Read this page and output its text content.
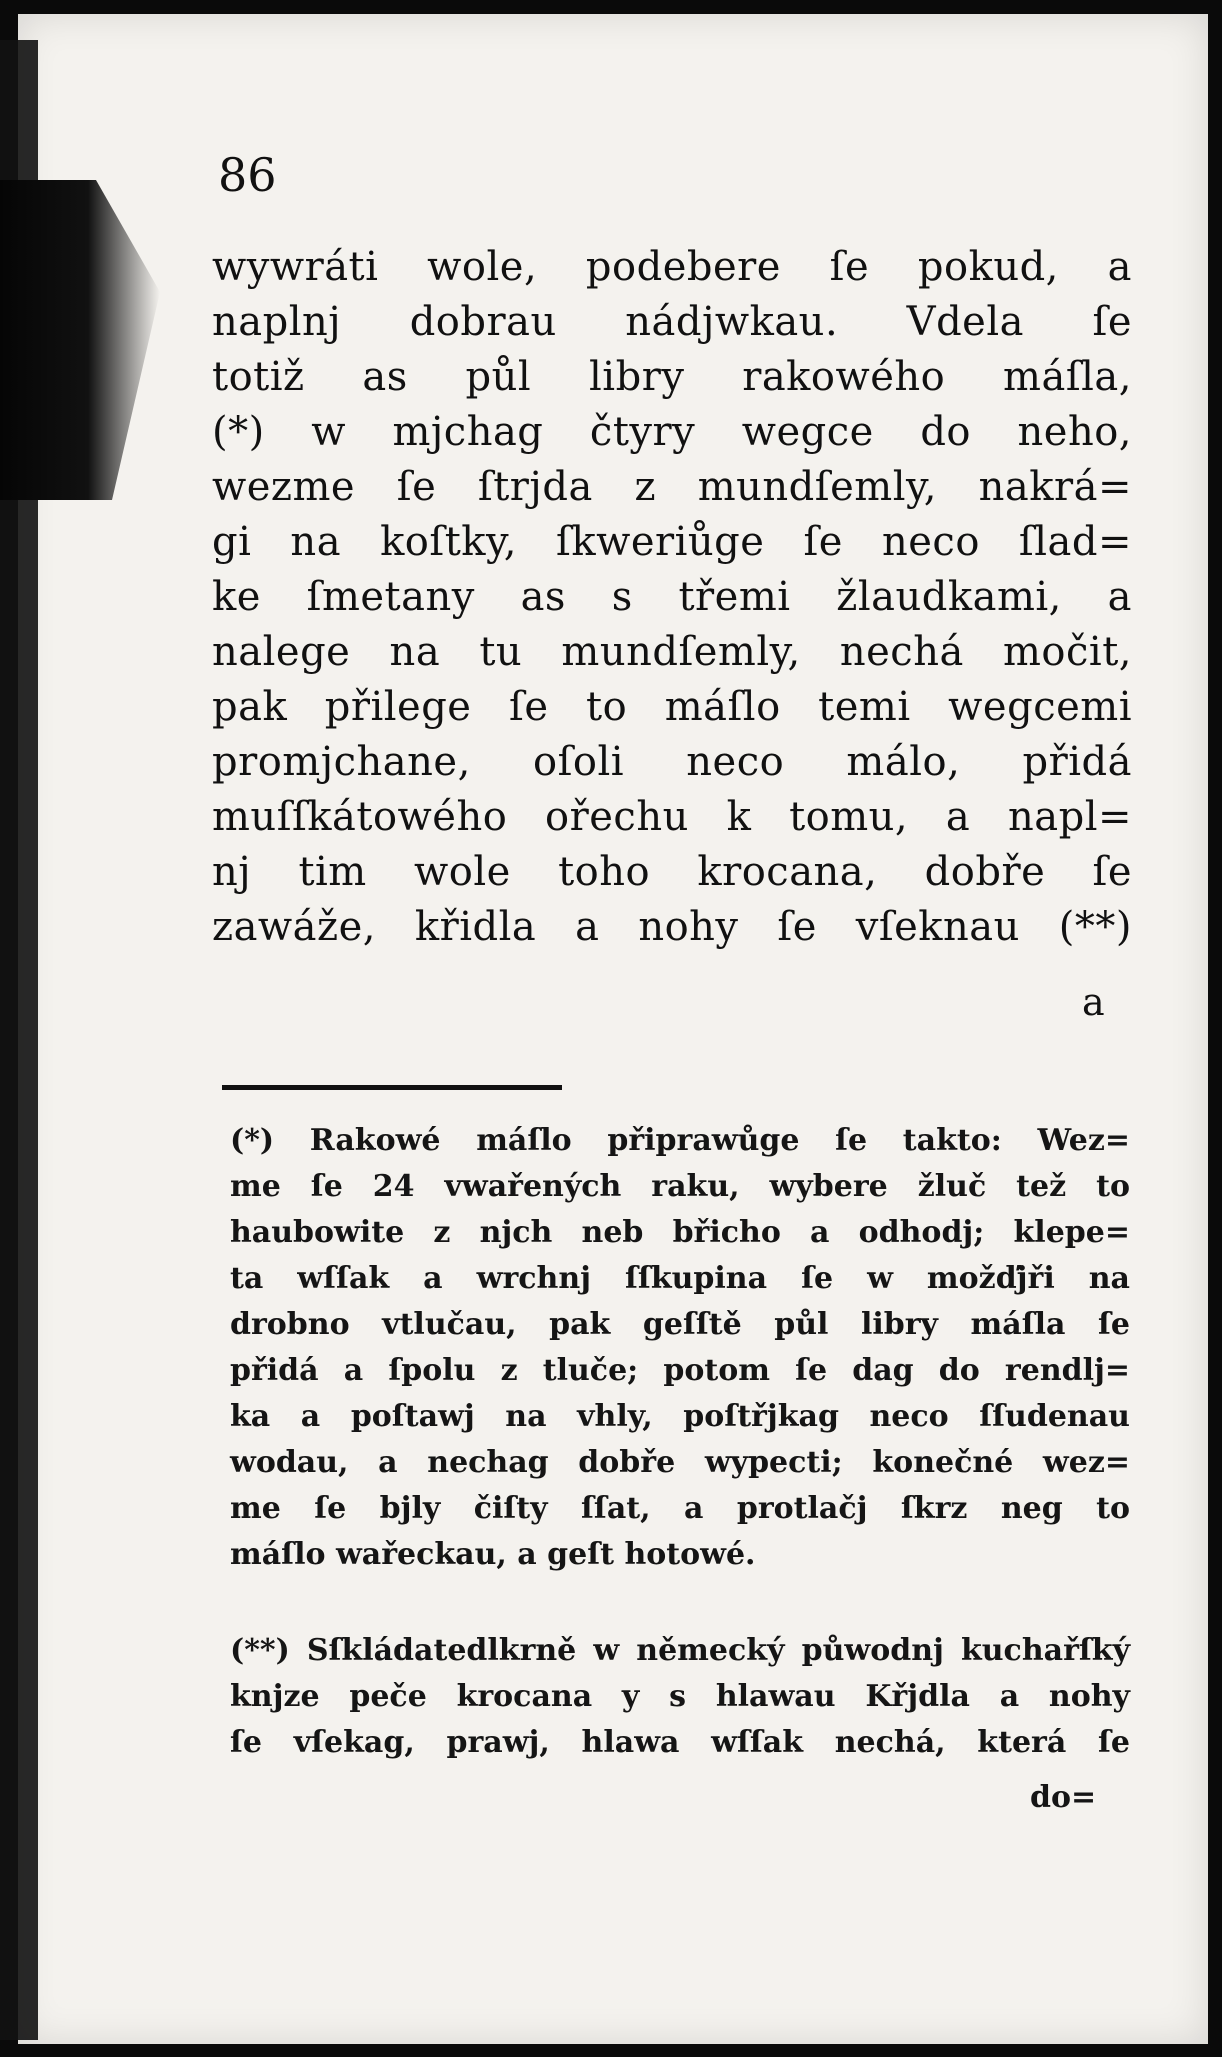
86
wywráti wole, podebere ſe pokud, a
naplnj dobrau nádjwkau. Vdela ſe
totiž as půl libry rakowého máſla,
(*) w mjchag čtyry wegce do neho,
wezme ſe ſtrjda z mundſemly, nakrá=
gi na koſtky, ſkweriůge ſe neco ſlad=
ke ſmetany as s třemi žlaudkami, a
nalege na tu mundſemly, nechá močit,
pak přilege ſe to máſlo temi wegcemi
promjchane, oſoli neco málo, přidá
muſſkátowého ořechu k tomu, a napl=
nj tim wole toho krocana, dobře ſe
zawáže, křidla a nohy ſe vſeknau (**)
a
(*) Rakowé máſlo připrawůge ſe takto: Wez=
me ſe 24 vwařených raku, wybere žluč tež to
haubowite z njch neb břicho a odhodj; klepe=
ta wſſak a wrchnj ſſkupina ſe w možďjři na
drobno vtlučau, pak geſſtě půl libry máſla ſe
přidá a ſpolu z tluče; potom ſe dag do rendlj=
ka a poſtawj na vhly, poſtřjkag neco ſſudenau
wodau, a nechag dobře wypecti; konečné wez=
me ſe bjly čiſty ſſat, a protlačj ſkrz neg to
máſlo wařeckau, a geſt hotowé.
(**) Sſkládatedlkrně w německý půwodnj kuchařſký
knjze peče krocana y s hlawau Křjdla a nohy
ſe vſekag, prawj, hlawa wſſak nechá, která ſe
do=
